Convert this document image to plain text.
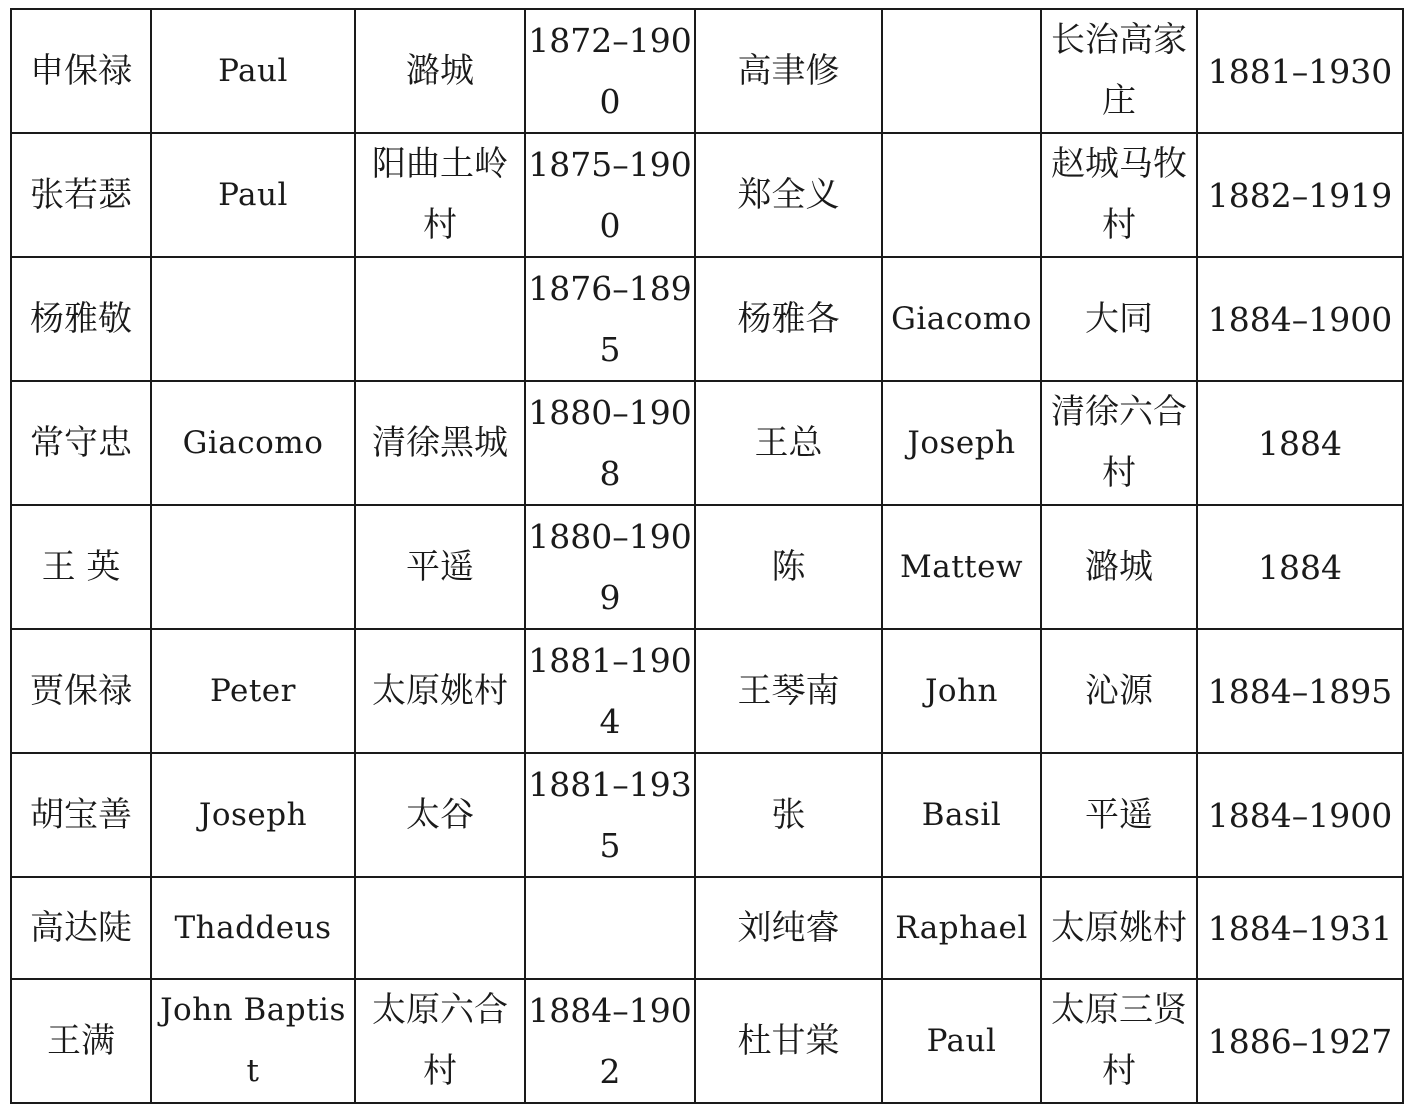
申保禄	Paul	潞城	1872–1900	高聿修		长治高家庄	1881–1930
张若瑟	Paul	阳曲土岭村	1875–1900	郑全义		赵城马牧村	1882–1919
杨雅敬			1876–1895	杨雅各	Giacomo	大同	1884–1900
常守忠	Giacomo	清徐黑城	1880–1908	王总	Joseph	清徐六合村	1884
王 英		平遥	1880–1909	陈	Mattew	潞城	1884
贾保禄	Peter	太原姚村	1881–1904	王琴南	John	沁源	1884–1895
胡宝善	Joseph	太谷	1881–1935	张	Basil	平遥	1884–1900
高达陡	Thaddeus			刘纯睿	Raphael	太原姚村	1884–1931
王满	John Baptist	太原六合村	1884–1902	杜甘棠	Paul	太原三贤村	1886–1927
